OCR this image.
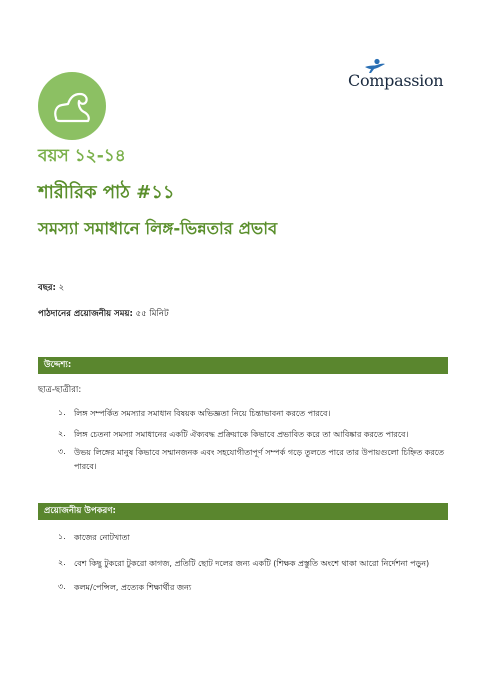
Compassion
বয়স ১২-১৪
শারীরিক পাঠ #১১
সমস্যা সমাধানে লিঙ্গ-ভিন্নতার প্রভাব
বছর: ২
পাঠদানের প্রয়োজনীয় সময়: ৫৫ মিনিট
উদ্দেশ্য:
ছাত্র-ছাত্রীরা:
১. লিঙ্গ সম্পর্কিত সমস্যার সমাধান বিষয়ক অভিজ্ঞতা নিয়ে চিন্তাভাবনা করতে পারবে।
২. লিঙ্গ চেতনা সমস্যা সমাধানের একটি ঐক্যবদ্ধ প্রক্রিয়াকে কিভাবে প্রভাবিত করে তা আবিষ্কার করতে পারবে।
৩. উভয় লিঙ্গের মানুষ কিভাবে সম্মানজনক এবং সহযোগীতাপূর্ণ সম্পর্ক গড়ে তুলতে পারে তার উপায়গুলো চিহ্নিত করতে পারবে।
প্রয়োজনীয় উপকরণ:
১. কাজের নোটখাতা
২. বেশ কিছু টুকরো টুকরো কাগজ, প্রতিটি ছোট দলের জন্য একটি (শিক্ষক প্রস্তুতি অংশে থাকা আরো নির্দেশনা পড়ুন)
৩. কলম/পেন্সিল, প্রত্যেক শিক্ষার্থীর জন্য
